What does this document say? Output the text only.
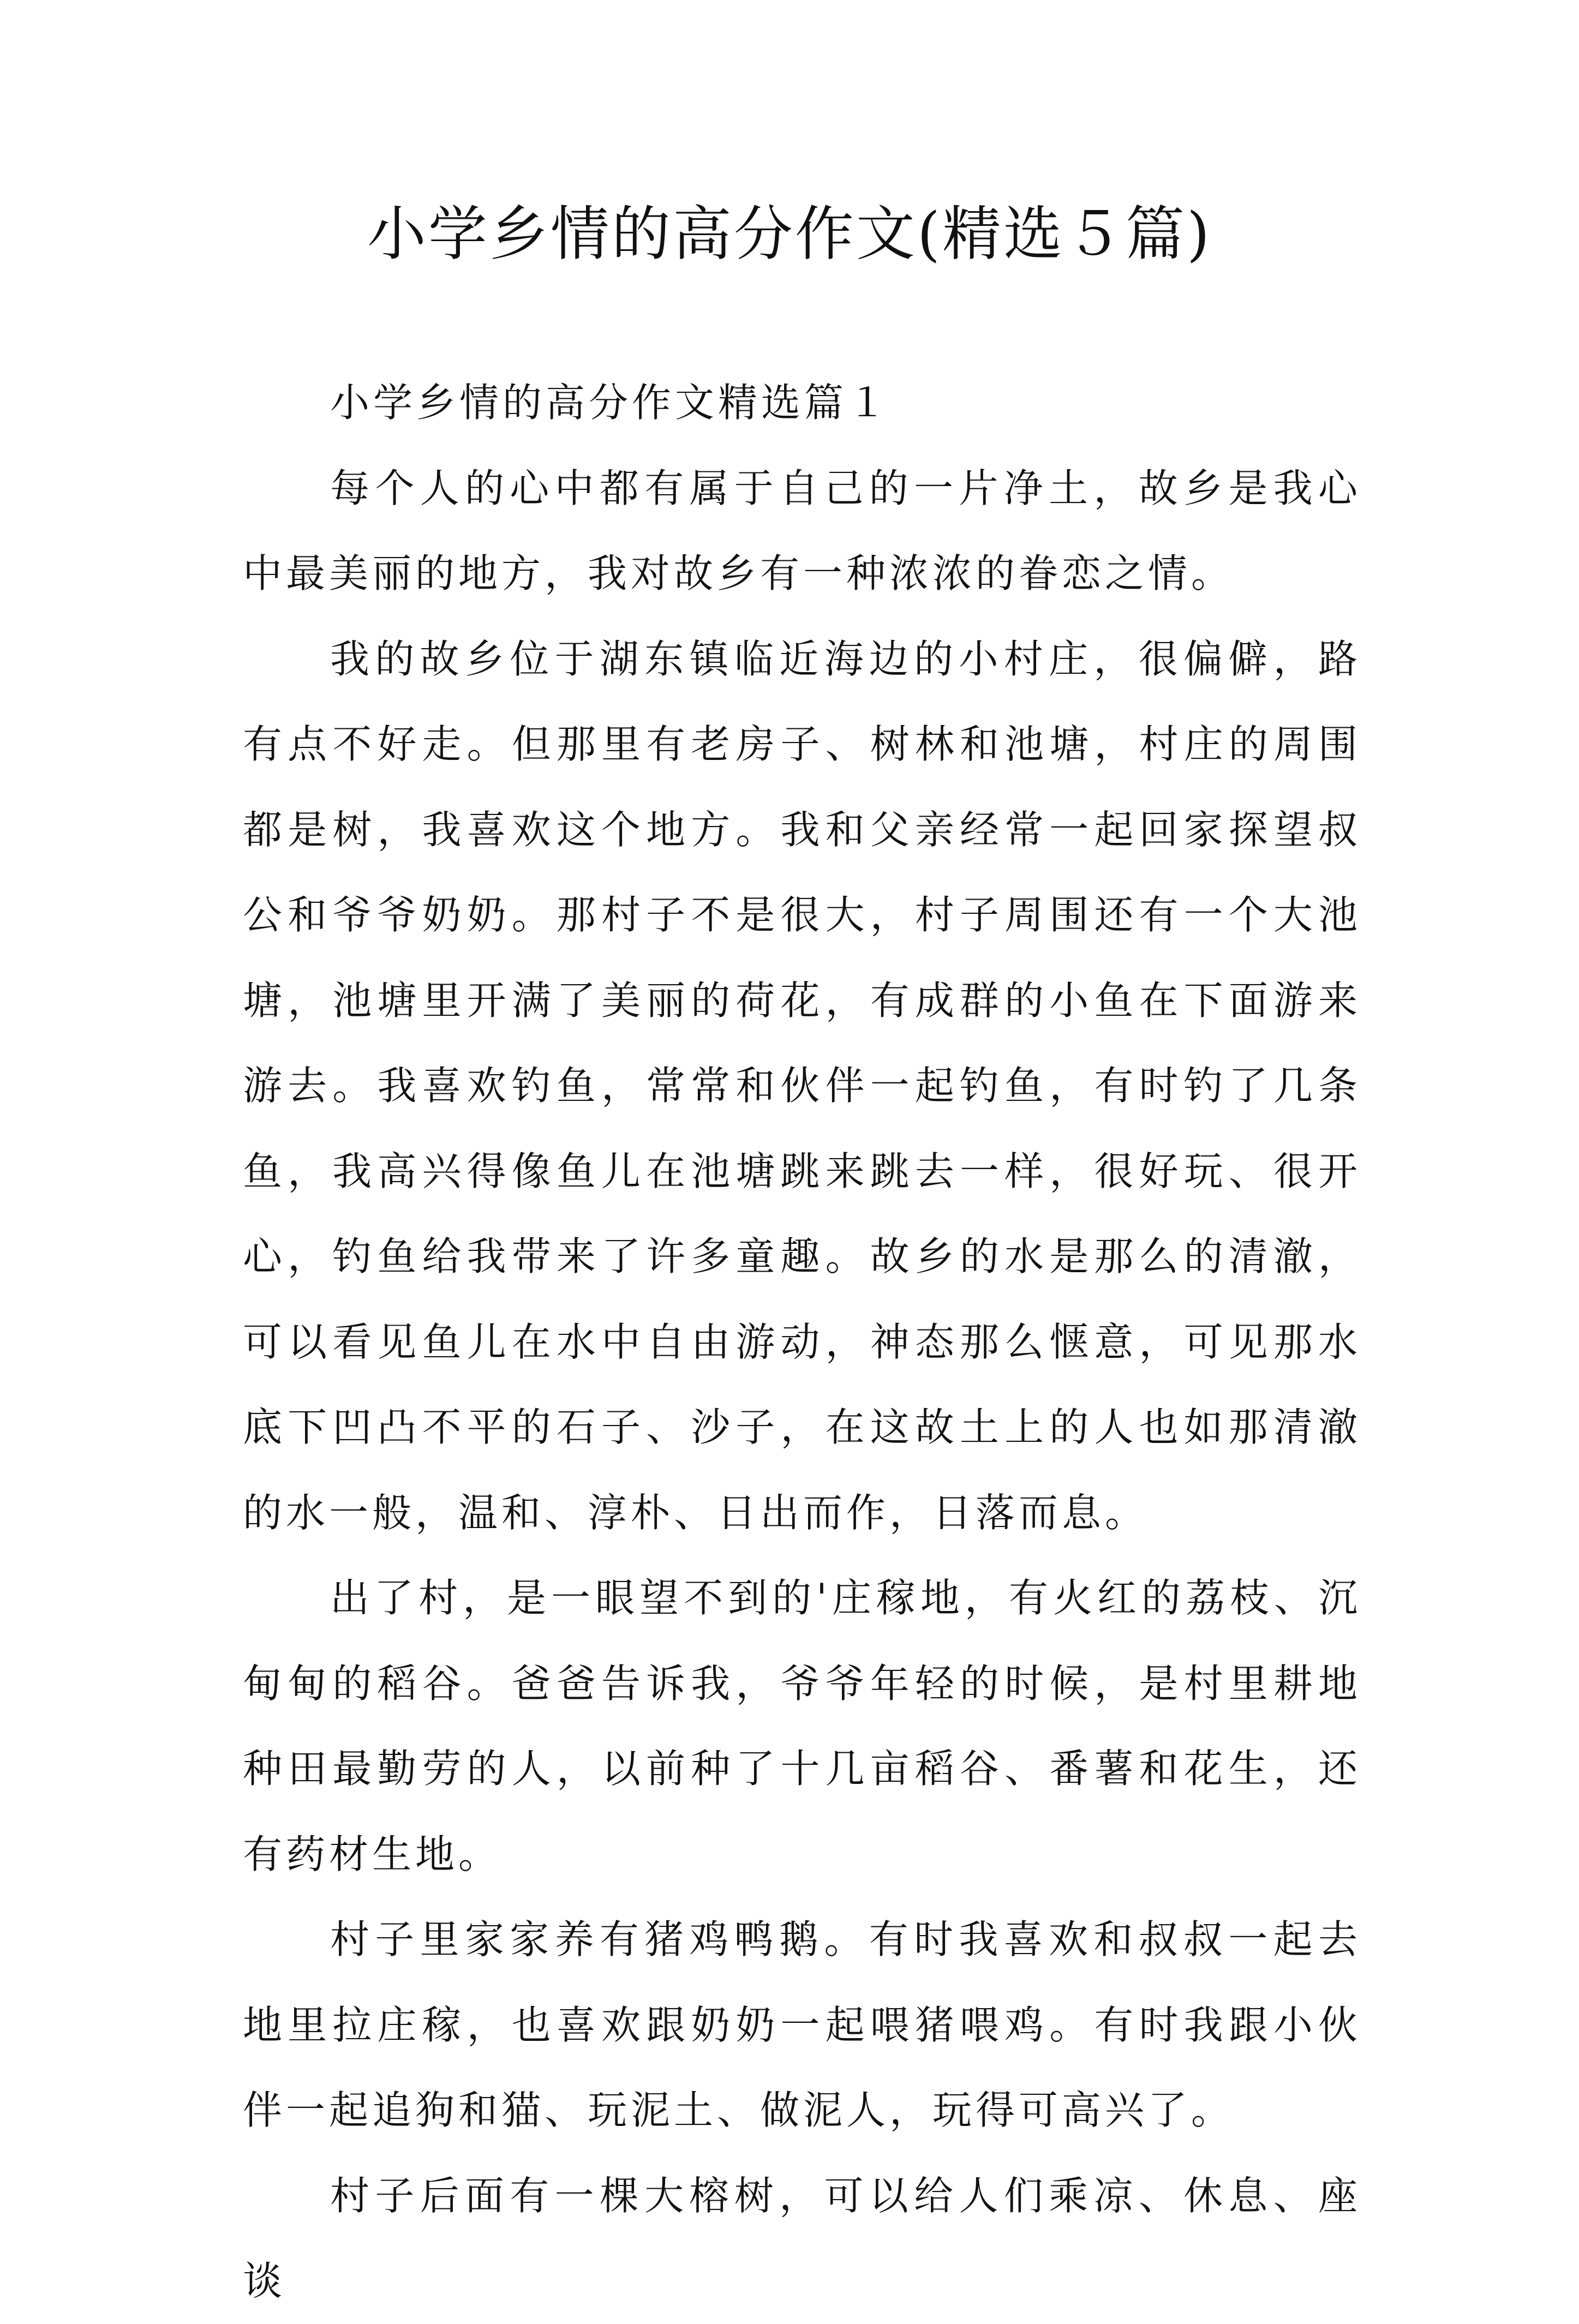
小学乡情的高分作文(精选５篇)

小学乡情的高分作文精选篇１

每个人的心中都有属于自己的一片净土，故乡是我心中最美丽的地方，我对故乡有一种浓浓的眷恋之情。

我的故乡位于湖东镇临近海边的小村庄，很偏僻，路有点不好走。但那里有老房子、树林和池塘，村庄的周围都是树，我喜欢这个地方。我和父亲经常一起回家探望叔公和爷爷奶奶。那村子不是很大，村子周围还有一个大池塘，池塘里开满了美丽的荷花，有成群的小鱼在下面游来游去。我喜欢钓鱼，常常和伙伴一起钓鱼，有时钓了几条鱼，我高兴得像鱼儿在池塘跳来跳去一样，很好玩、很开心，钓鱼给我带来了许多童趣。故乡的水是那么的清澈，可以看见鱼儿在水中自由游动，神态那么惬意，可见那水底下凹凸不平的石子、沙子，在这故土上的人也如那清澈的水一般，温和、淳朴、日出而作，日落而息。

出了村，是一眼望不到的'庄稼地，有火红的荔枝、沉甸甸的稻谷。爸爸告诉我，爷爷年轻的时候，是村里耕地种田最勤劳的人，以前种了十几亩稻谷、番薯和花生，还有药材生地。

村子里家家养有猪鸡鸭鹅。有时我喜欢和叔叔一起去地里拉庄稼，也喜欢跟奶奶一起喂猪喂鸡。有时我跟小伙伴一起追狗和猫、玩泥土、做泥人，玩得可高兴了。

村子后面有一棵大榕树，可以给人们乘凉、休息、座谈
